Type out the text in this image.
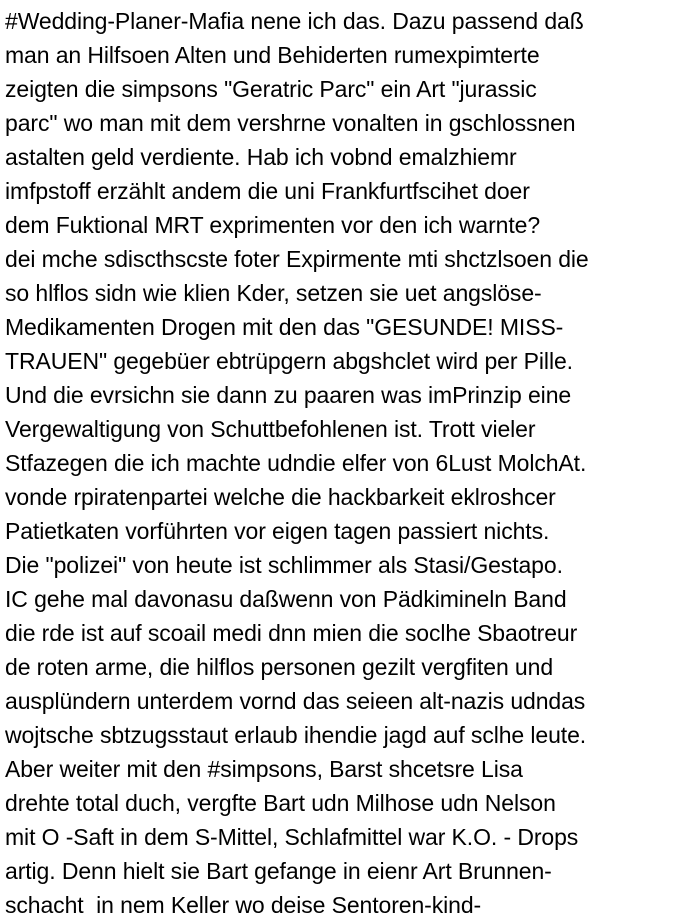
#Wedding-Planer-Mafia nene ich das. Dazu passend daß
man an Hilfsoen Alten und Behiderten rumexpimterte
zeigten die simpsons "Geratric Parc" ein Art "jurassic
parc" wo man mit dem vershrne vonalten in gschlossnen
astalten geld verdiente. Hab ich vobnd emalzhiemr
imfpstoff erzählt andem die uni Frankfurtfscihet doer
dem Fuktional MRT exprimenten vor den ich warnte?
dei mche sdiscthscste foter Expirmente mti shctzlsoen die
so hlflos sidn wie klien Kder, setzen sie uet angslöse-
Medikamenten Drogen mit den das "GESUNDE! MISS-
TRAUEN" gegebüer ebtrüpgern abgshclet wird per Pille.
Und die evrsichn sie dann zu paaren was imPrinzip eine
Vergewaltigung von Schuttbefohlenen ist. Trott vieler
Stfazegen die ich machte udndie elfer von 6Lust MolchAt.
vonde rpiratenpartei welche die hackbarkeit eklroshcer
Patietkaten vorführten vor eigen tagen passiert nichts.
Die "polizei" von heute ist schlimmer als Stasi/Gestapo.
IC gehe mal davonasu daßwenn von Pädkimineln Band
die rde ist auf scoail medi dnn mien die soclhe Sbaotreur
de roten arme, die hilflos personen gezilt vergfiten und
ausplündern unterdem vornd das seieen alt-nazis udndas
wojtsche sbtzugsstaut erlaub ihendie jagd auf sclhe leute.
Aber weiter mit den #simpsons, Barst shcetsre Lisa
drehte total duch, vergfte Bart udn Milhose udn Nelson
mit O -Saft in dem S-Mittel, Schlafmittel war K.O. - Drops
artig. Denn hielt sie Bart gefange in eienr Art Brunnen-
schacht  in nem Keller wo deise Sentoren-kind-
